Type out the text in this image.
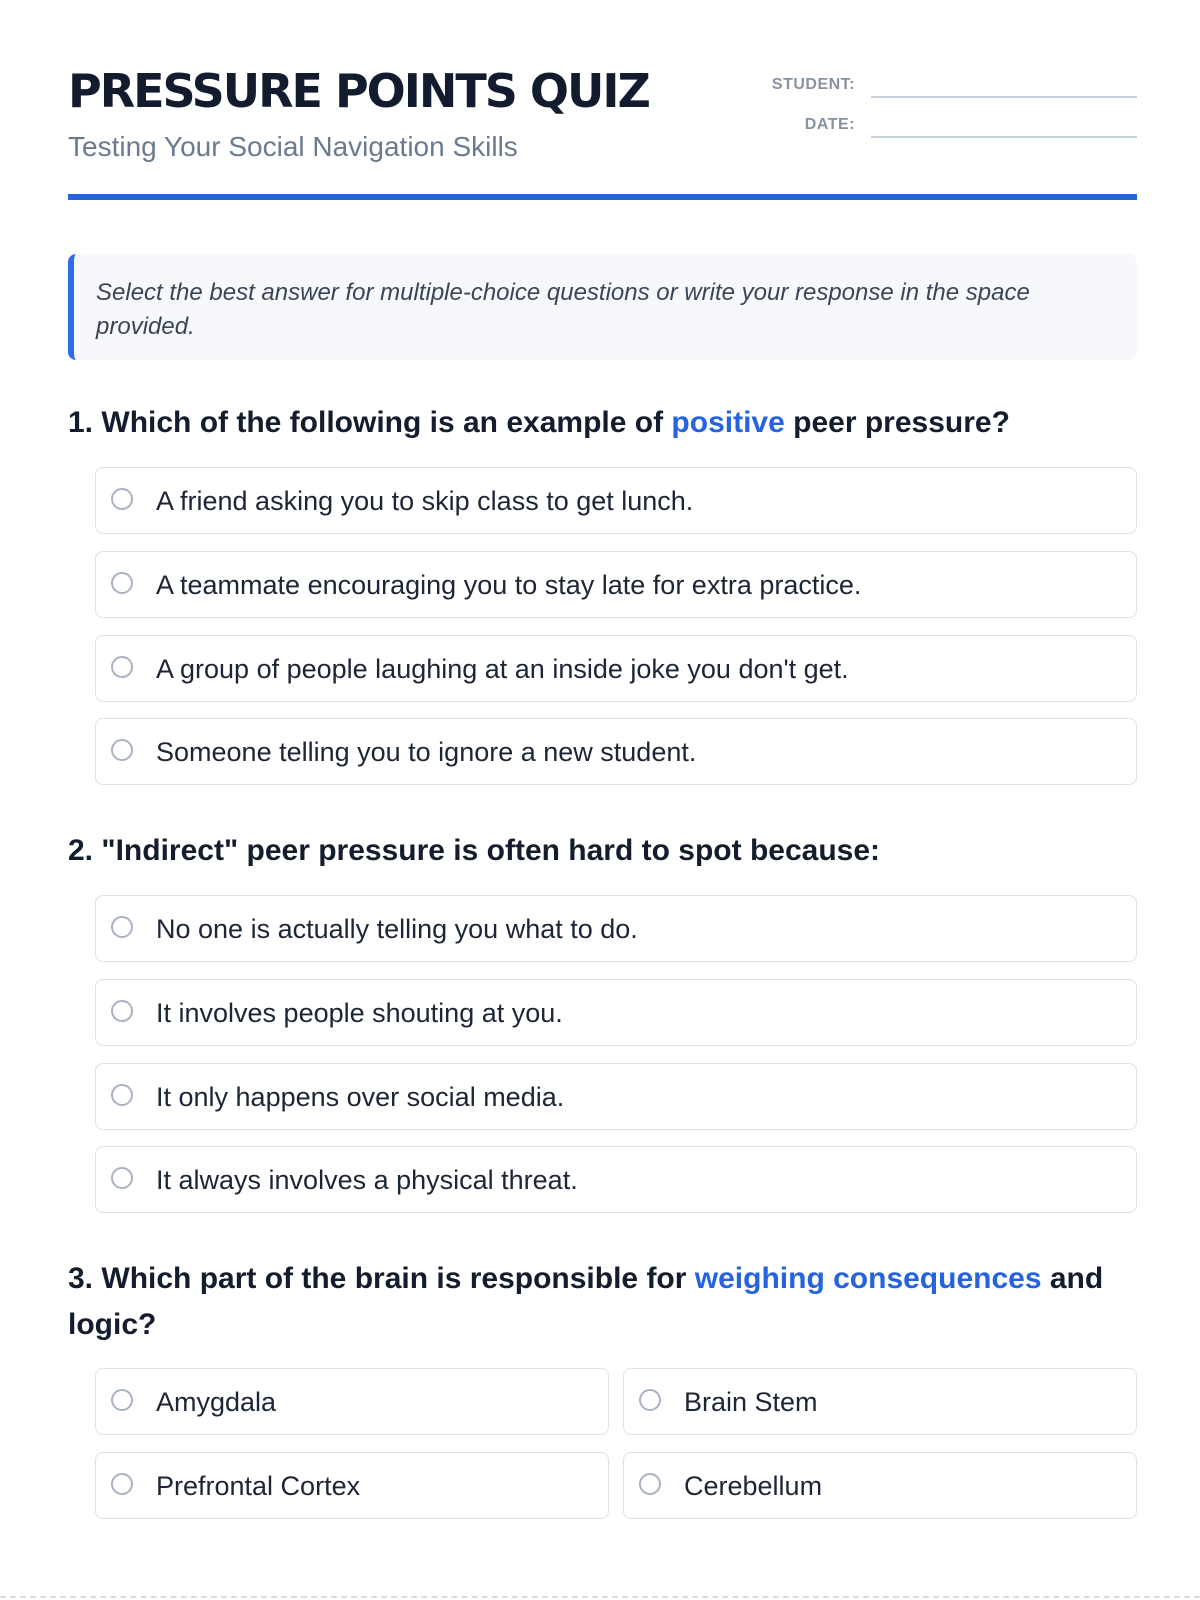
PRESSURE POINTS QUIZ

Testing Your Social Navigation Skills

STUDENT:
DATE:
Select the best answer for multiple-choice questions or write your response in the space provided.

1. Which of the following is an example of positive peer pressure?

A friend asking you to skip class to get lunch.
A teammate encouraging you to stay late for extra practice.
A group of people laughing at an inside joke you don't get.
Someone telling you to ignore a new student.

2. "Indirect" peer pressure is often hard to spot because:

No one is actually telling you what to do.
It involves people shouting at you.
It only happens over social media.
It always involves a physical threat.

3. Which part of the brain is responsible for weighing consequences and logic?

Amygdala	Brain Stem
Prefrontal Cortex	Cerebellum
